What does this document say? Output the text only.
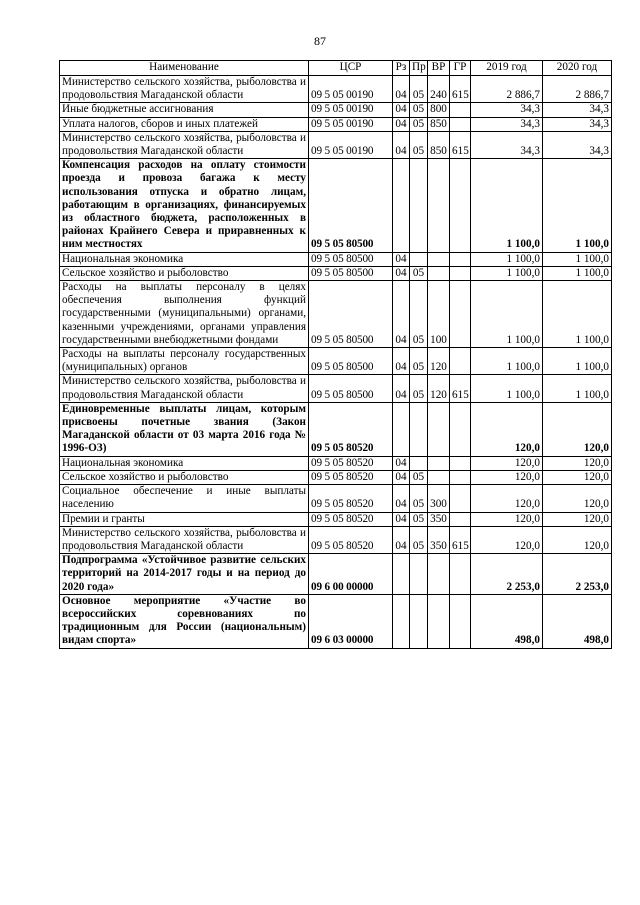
87
Наименование	ЦСР	Рз	Пр	ВР	ГР	2019 год	2020 год
Министерство сельского хозяйства, рыболовства и продовольствия Магаданской области	09 5 05 00190	04	05	240	615	2 886,7	2 886,7
Иные бюджетные ассигнования	09 5 05 00190	04	05	800		34,3	34,3
Уплата налогов, сборов и иных платежей	09 5 05 00190	04	05	850		34,3	34,3
Министерство сельского хозяйства, рыболовства и продовольствия Магаданской области	09 5 05 00190	04	05	850	615	34,3	34,3
Компенсация расходов на оплату стоимости проезда и провоза багажа к месту использования отпуска и обратно лицам, работающим в организациях, финансируемых из областного бюджета, расположенных в районах Крайнего Севера и приравненных к ним местностях	09 5 05 80500					1 100,0	1 100,0
Национальная экономика	09 5 05 80500	04				1 100,0	1 100,0
Сельское хозяйство и рыболовство	09 5 05 80500	04	05			1 100,0	1 100,0
Расходы на выплаты персоналу в целях обеспечения выполнения функций государственными (муниципальными) органами, казенными учреждениями, органами управления государственными внебюджетными фондами	09 5 05 80500	04	05	100		1 100,0	1 100,0
Расходы на выплаты персоналу государственных (муниципальных) органов	09 5 05 80500	04	05	120		1 100,0	1 100,0
Министерство сельского хозяйства, рыболовства и продовольствия Магаданской области	09 5 05 80500	04	05	120	615	1 100,0	1 100,0
Единовременные выплаты лицам, которым присвоены почетные звания (Закон Магаданской области от 03 марта 2016 года № 1996-ОЗ)	09 5 05 80520					120,0	120,0
Национальная экономика	09 5 05 80520	04				120,0	120,0
Сельское хозяйство и рыболовство	09 5 05 80520	04	05			120,0	120,0
Социальное обеспечение и иные выплаты населению	09 5 05 80520	04	05	300		120,0	120,0
Премии и гранты	09 5 05 80520	04	05	350		120,0	120,0
Министерство сельского хозяйства, рыболовства и продовольствия Магаданской области	09 5 05 80520	04	05	350	615	120,0	120,0
Подпрограмма «Устойчивое развитие сельских территорий на 2014-2017 годы и на период до 2020 года»	09 6 00 00000					2 253,0	2 253,0
Основное мероприятие «Участие во всероссийских соревнованиях по традиционным для России (национальным) видам спорта»	09 6 03 00000					498,0	498,0
